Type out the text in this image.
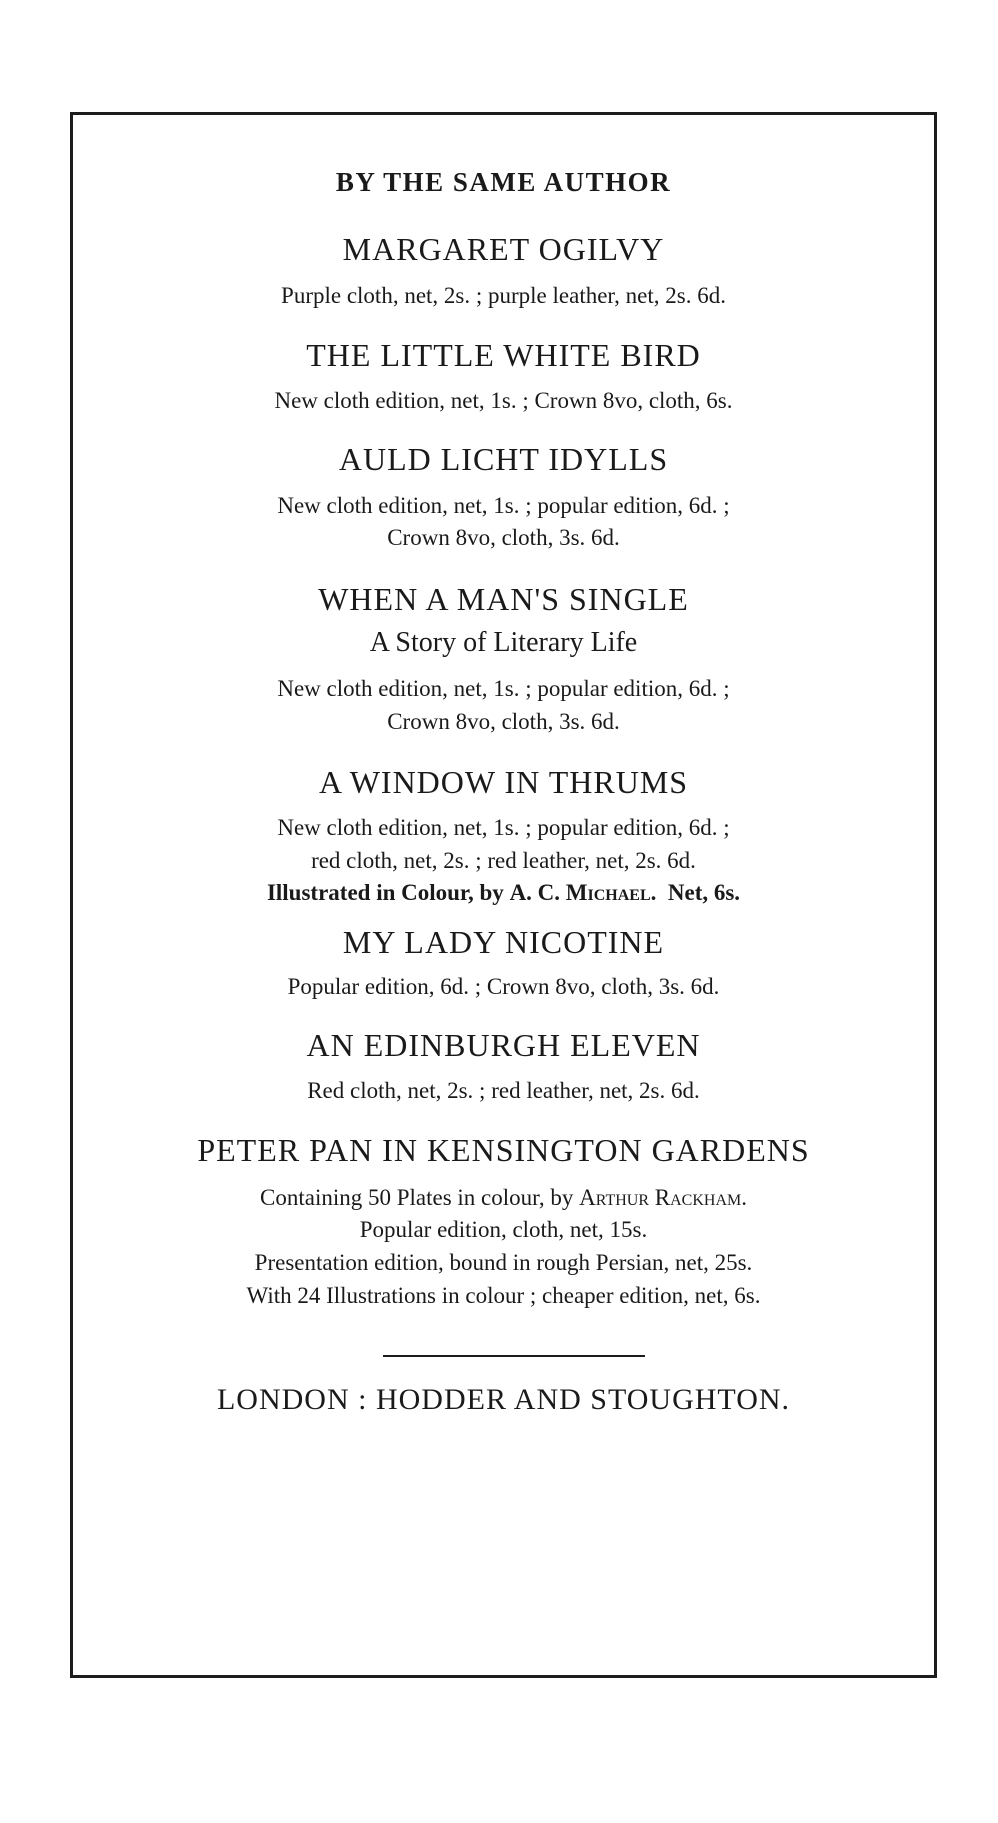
BY THE SAME AUTHOR
MARGARET OGILVY
Purple cloth, net, 2s. ; purple leather, net, 2s. 6d.
THE LITTLE WHITE BIRD
New cloth edition, net, 1s. ; Crown 8vo, cloth, 6s.
AULD LICHT IDYLLS
New cloth edition, net, 1s. ; popular edition, 6d. ;
Crown 8vo, cloth, 3s. 6d.
WHEN A MAN'S SINGLE
A Story of Literary Life
New cloth edition, net, 1s. ; popular edition, 6d. ;
Crown 8vo, cloth, 3s. 6d.
A WINDOW IN THRUMS
New cloth edition, net, 1s. ; popular edition, 6d. ;
red cloth, net, 2s. ; red leather, net, 2s. 6d.
Illustrated in Colour, by A. C. Michael.  Net, 6s.
MY LADY NICOTINE
Popular edition, 6d. ; Crown 8vo, cloth, 3s. 6d.
AN EDINBURGH ELEVEN
Red cloth, net, 2s. ; red leather, net, 2s. 6d.
PETER PAN IN KENSINGTON GARDENS
Containing 50 Plates in colour, by Arthur Rackham.
Popular edition, cloth, net, 15s.
Presentation edition, bound in rough Persian, net, 25s.
With 24 Illustrations in colour ; cheaper edition, net, 6s.
LONDON : HODDER AND STOUGHTON.
